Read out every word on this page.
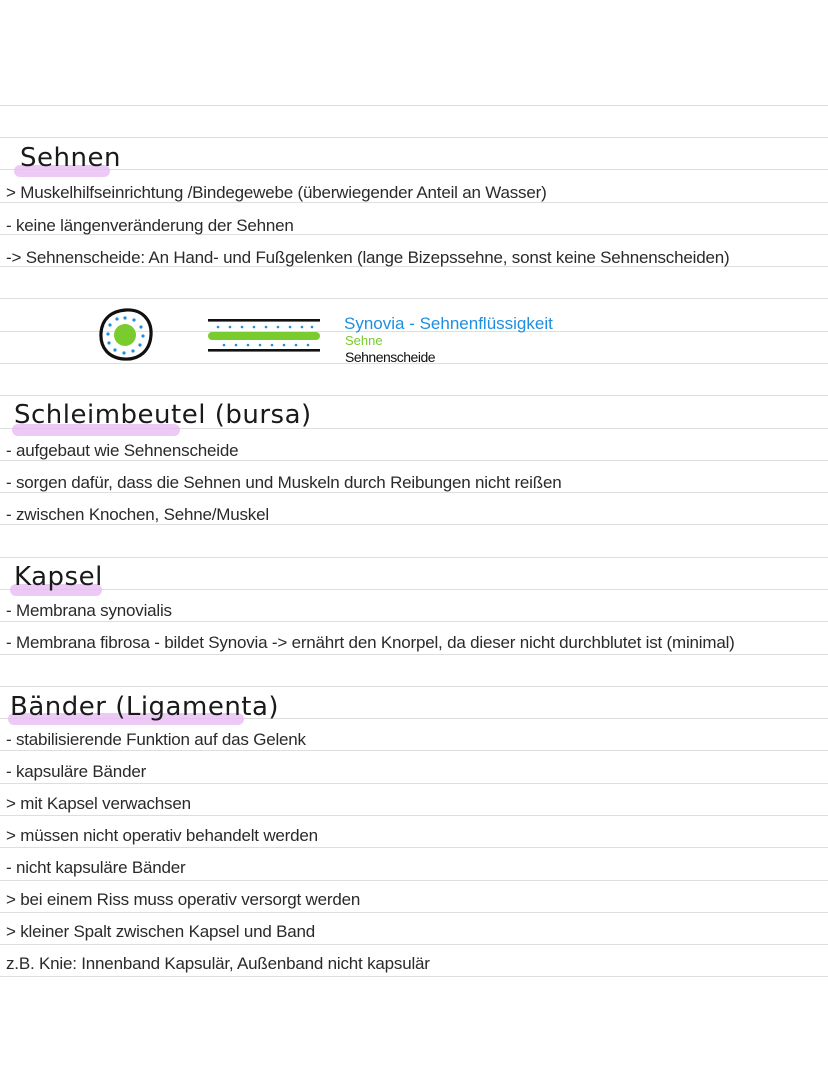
Sehnen
> Muskelhilfseinrichtung /Bindegewebe (überwiegender Anteil an Wasser)
- keine längenveränderung der Sehnen
-> Sehnenscheide: An Hand- und Fußgelenken (lange Bizepssehne, sonst keine Sehnenscheiden)
Synovia - Sehnenflüssigkeit
Sehne
Sehnenscheide
Schleimbeutel (bursa)
- aufgebaut wie Sehnenscheide
- sorgen dafür, dass die Sehnen und Muskeln durch Reibungen nicht reißen
- zwischen Knochen, Sehne/Muskel
Kapsel
- Membrana synovialis
- Membrana fibrosa - bildet Synovia -> ernährt den Knorpel, da dieser nicht durchblutet ist (minimal)
Bänder (Ligamenta)
- stabilisierende Funktion auf das Gelenk
- kapsuläre Bänder
> mit Kapsel verwachsen
> müssen nicht operativ behandelt werden
- nicht kapsuläre Bänder
> bei einem Riss muss operativ versorgt werden
> kleiner Spalt zwischen Kapsel und Band
z.B. Knie: Innenband Kapsulär, Außenband nicht kapsulär
